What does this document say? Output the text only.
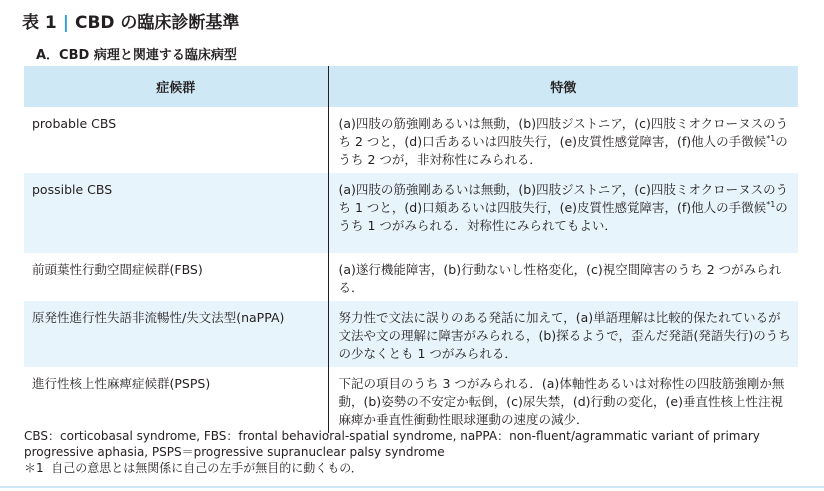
表 1 | CBD の臨床診断基準
A．CBD 病理と関連する臨床病型
症候群	特徴
probable CBS	(a)四肢の筋強剛あるいは無動，(b)四肢ジストニア，(c)四肢ミオクローヌスのうち 2 つと，(d)口舌あるいは四肢失行，(e)皮質性感覚障害，(f)他人の手徴候$^{*1}$のうち 2 つが，非対称性にみられる．
possible CBS	(a)四肢の筋強剛あるいは無動，(b)四肢ジストニア，(c)四肢ミオクローヌスのうち 1 つと，(d)口頬あるいは四肢失行，(e)皮質性感覚障害，(f)他人の手徴候$^{*1}$のうち 1 つがみられる．対称性にみられてもよい．
前頭葉性行動空間症候群(FBS)	(a)遂行機能障害，(b)行動ないし性格変化，(c)視空間障害のうち 2 つがみられる．
原発性進行性失語非流暢性/失文法型(naPPA)	努力性で文法に誤りのある発話に加えて，(a)単語理解は比較的保たれているが文法や文の理解に障害がみられる，(b)探るようで，歪んだ発語(発語失行)のうちの少なくとも 1 つがみられる．
進行性核上性麻痺症候群(PSPS)	下記の項目のうち 3 つがみられる．(a)体軸性あるいは対称性の四肢筋強剛か無動，(b)姿勢の不安定か転倒，(c)尿失禁，(d)行動の変化，(e)垂直性核上性注視麻痺か垂直性衝動性眼球運動の速度の減少．
CBS：corticobasal syndrome, FBS：frontal behavioral-spatial syndrome, naPPA：non-fluent/agrammatic variant of primary progressive aphasia, PSPS＝progressive supranuclear palsy syndrome
＊1 自己の意思とは無関係に自己の左手が無目的に動くもの．
